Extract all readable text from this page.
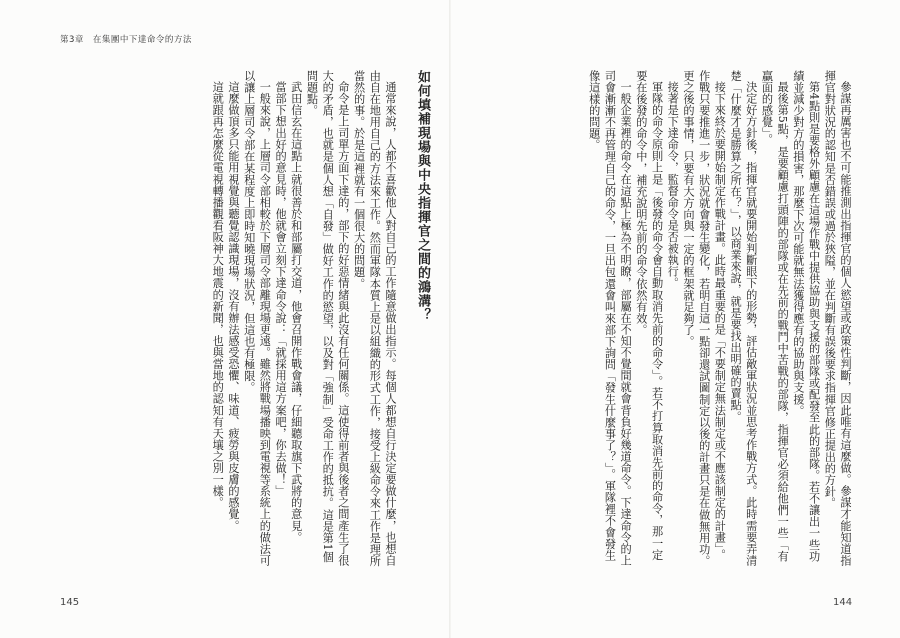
第3章　在集團中下達命令的方法
如何填補現場與中央指揮官之間的鴻溝？

通常來說，人都不喜歡他人對自己的工作隨意做出指示。每個人都想自行決定要做什麼，也想自由自在地用自己的方法來工作。然而軍隊本質上是以組織的形式工作，接受上級命令來工作是理所當然的事。於是這裡就有一個很大的問題。

命令是上司單方面下達的，部下的好惡情緒與此沒有任何關係。這使得前者與後者之間產生了很大的矛盾，也就是個人想「自發」做好工作的慾望，以及對「強制」受命工作的抵抗。這是第1個問題點。

武田信玄在這點上就很善於和部屬打交道，他會召開作戰會議，仔細聽取旗下武將的意見。

當部下想出好的意見時，他就會立刻下達命令說：「就採用這方案吧，你去做！」

一般來說，上層司令部相較於下層司令部離現場更遠。雖然將戰場播映到電視等系統上的做法可以讓上層司令部在某程度上即時知曉現場狀況，但這也有極限。

這麼做頂多只能用視覺與聽覺認識現場，沒有辦法感受恐懼、味道、疲勞與皮膚的感覺。

這就跟再怎麼從電視轉播觀看阪神大地震的新聞，也與當地的認知有天壤之別一樣。	參謀再厲害也不可能推測出指揮官的個人慾望或政策性判斷，因此唯有這麼做。參謀才能知道指揮官對狀況的認知是否錯誤或過於狹隘，並在判斷有誤後要求指揮官修正提出的方針。

第4點則是要格外顧慮在這場作戰中提供協助與支援的部隊或配發至此的部隊。若不讓出一些功績並減少對方的損害，那麼下次可能就無法獲得應有的協助與支援。

最後第5點，是要顧慮打頭陣的部隊或在先前的戰鬥中苦戰的部隊，指揮官必須給他們一些「有贏面的感覺」。

決定好方針後，指揮官就要開始判斷眼下的形勢，評估敵軍狀況並思考作戰方式。此時需要弄清楚「什麼才是勝算之所在？」，以商業來說，就是要找出明確的賣點。

接下來終於要開始制定作戰計畫。此時最重要的是「不要制定無法制定或不應該制定的計畫」。作戰只要推進一步，狀況就會發生變化，若明自這一點卻還試圖制定以後的計畫只是在做無用功。更之後的事情，只要有大方向與一定的框架就足夠了。

接著是下達命令，監督命令是否被執行。

軍隊的命令原則上是「後發的命令會自動取消先前的命令」。若不打算取消先前的命令，那一定要在後發的命令中，補充說明先前的命令依然有效。

一般企業裡的命令在這點上極為不明瞭，部屬在不知不覺間就會背負好幾道命令。下達命令的上司會漸漸不再管理自己的命令，一旦出包還會叫來部下詢問「發生什麼事了？」。軍隊裡不會發生像這樣的問題。

145	144
